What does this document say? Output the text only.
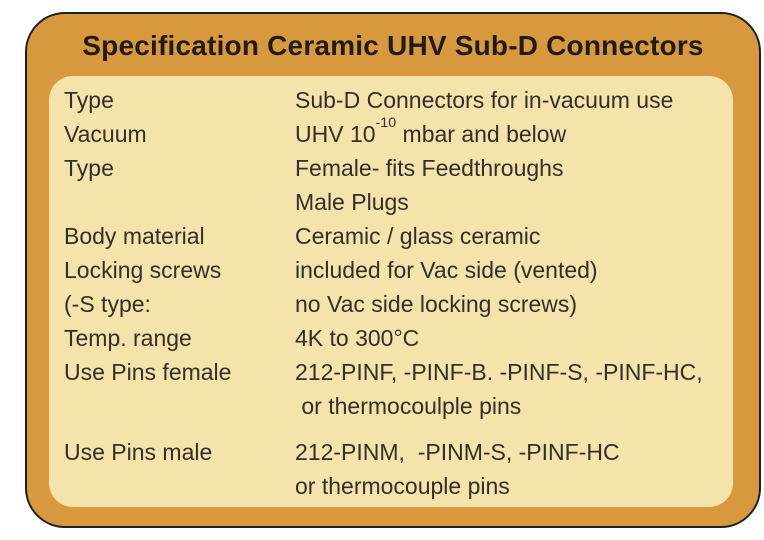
Specification Ceramic UHV Sub-D Connectors
Type	Sub-D Connectors for in-vacuum use
Vacuum	UHV $10^{-10}$ mbar and below
Type	Female- fits Feedthroughs
Male Plugs
Body material	Ceramic / glass ceramic
Locking screws	included for Vac side (vented)
(-S type:	no Vac side locking screws)
Temp. range	4K to 300°C
Use Pins female	212-PINF, -PINF-B. -PINF-S, -PINF-HC,
or thermocoulple pins
Use Pins male	212-PINM,  -PINM-S, -PINF-HC
or thermocouple pins
